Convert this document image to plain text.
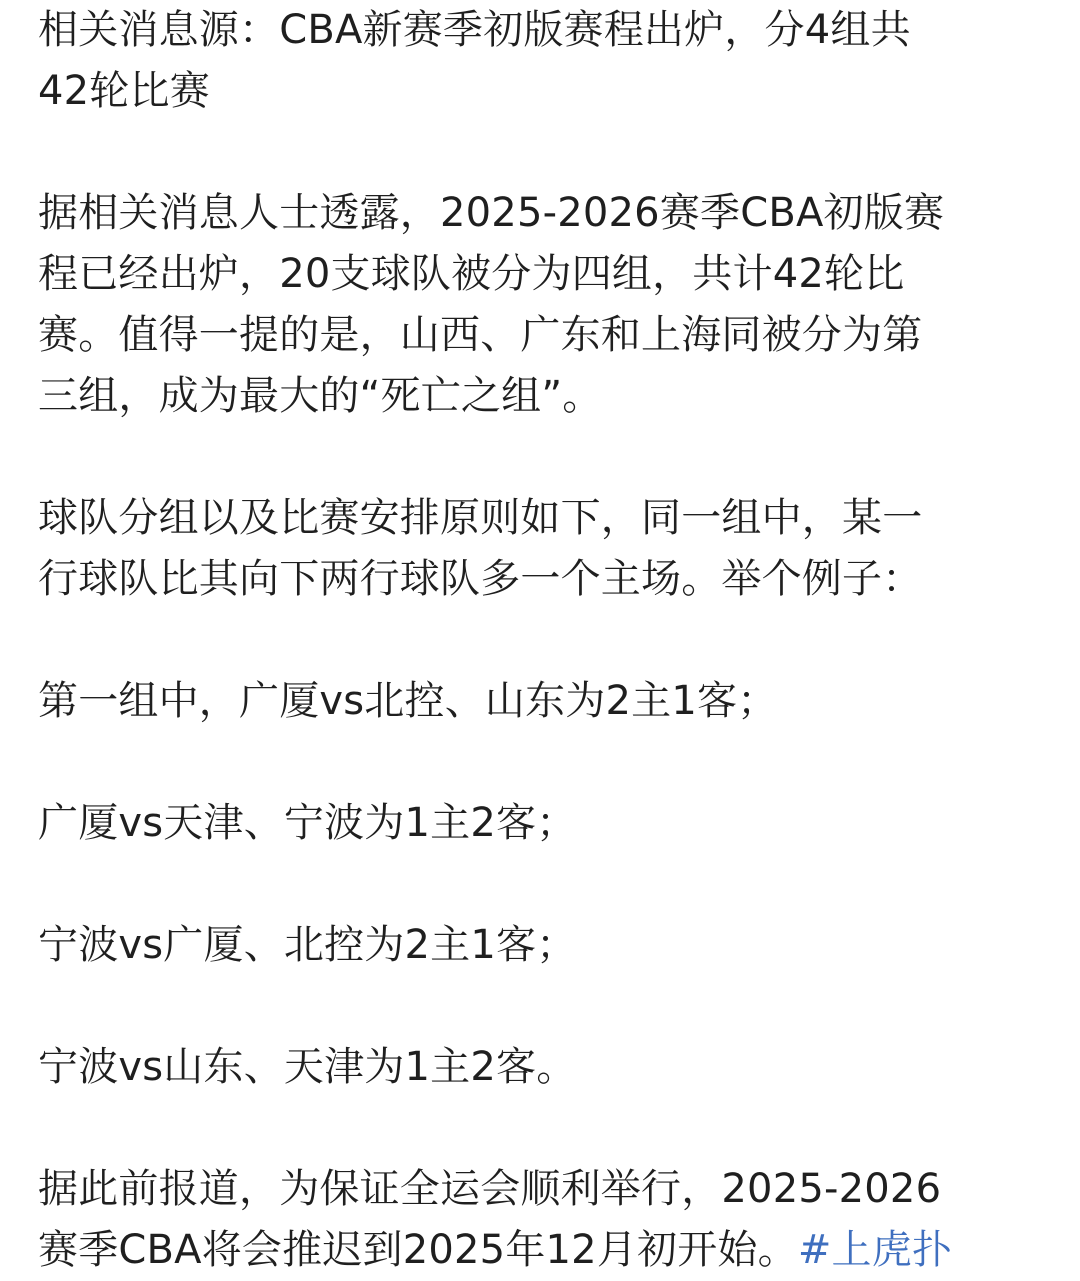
相关消息源：CBA新赛季初版赛程出炉，分4组共
42轮比赛

据相关消息人士透露，2025-2026赛季CBA初版赛
程已经出炉，20支球队被分为四组，共计42轮比
赛。值得一提的是，山西、广东和上海同被分为第
三组，成为最大的“死亡之组”。

球队分组以及比赛安排原则如下，同一组中，某一
行球队比其向下两行球队多一个主场。举个例子：

第一组中，广厦vs北控、山东为2主1客；

广厦vs天津、宁波为1主2客；

宁波vs广厦、北控为2主1客；

宁波vs山东、天津为1主2客。

据此前报道，为保证全运会顺利举行，2025-2026
赛季CBA将会推迟到2025年12月初开始。#上虎扑
